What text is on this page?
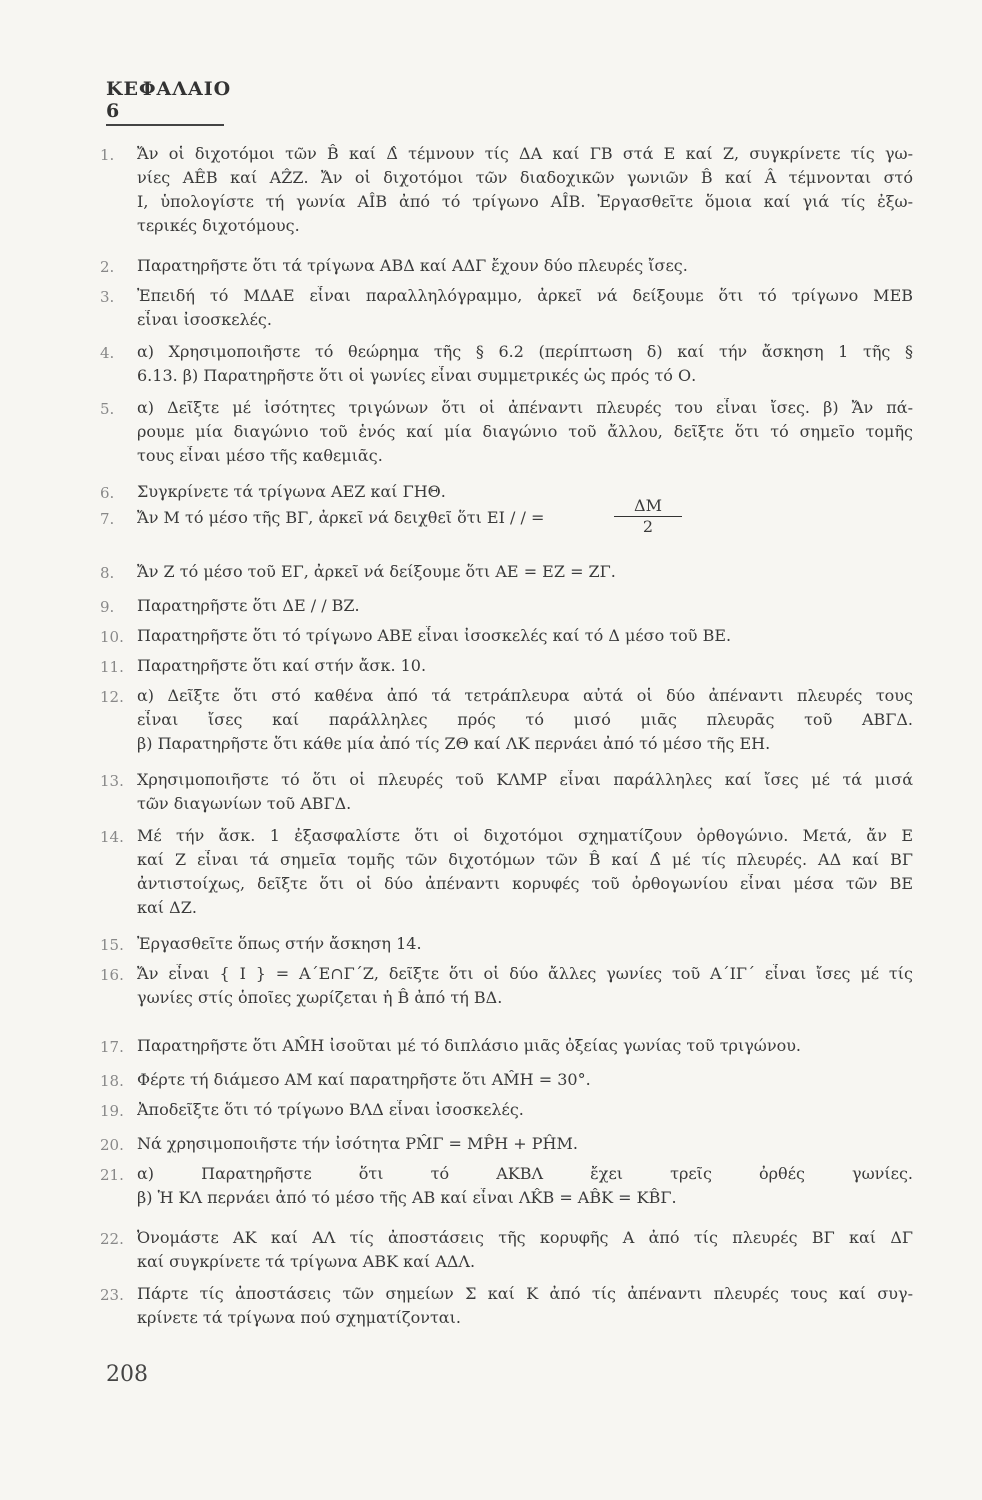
ΚΕΦΑΛΑΙΟ 6
1.	Ἄν οἱ διχοτόμοι τῶν B̂ καί Δ̂ τέμνουν τίς ΔΑ καί ΓΒ στά Ε καί Ζ, συγκρίνετε τίς γω-
νίες ΑÊΒ καί ΑẐΖ. Ἄν οἱ διχοτόμοι τῶν διαδοχικῶν γωνιῶν B̂ καί Â τέμνονται στό
Ι, ὑπολογίστε τή γωνία ΑÎΒ ἀπό τό τρίγωνο ΑÎΒ. Ἐργασθεῖτε ὅμοια καί γιά τίς ἐξω-
τερικές διχοτόμους.
2.	Παρατηρῆστε ὅτι τά τρίγωνα ΑΒΔ καί ΑΔΓ ἔχουν δύο πλευρές ἴσες.
3.	Ἐπειδή τό ΜΔΑΕ εἶναι παραλληλόγραμμο, ἀρκεῖ νά δείξουμε ὅτι τό τρίγωνο ΜΕΒ
εἶναι ἰσοσκελές.
4.	α) Χρησιμοποιῆστε τό θεώρημα τῆς § 6.2 (περίπτωση δ) καί τήν ἄσκηση 1 τῆς §
6.13. β) Παρατηρῆστε ὅτι οἱ γωνίες εἶναι συμμετρικές ὡς πρός τό Ο.
5.	α) Δεῖξτε μέ ἰσότητες τριγώνων ὅτι οἱ ἀπέναντι πλευρές του εἶναι ἴσες. β) Ἄν πά-
ρουμε μία διαγώνιο τοῦ ἑνός καί μία διαγώνιο τοῦ ἄλλου, δεῖξτε ὅτι τό σημεῖο τομῆς
τους εἶναι μέσο τῆς καθεμιᾶς.
6.	Συγκρίνετε τά τρίγωνα ΑΕΖ καί ΓΗΘ.
7.	Ἄν Μ τό μέσο τῆς ΒΓ, ἀρκεῖ νά δειχθεῖ ὅτι ΕΙ / / =
ΔΜ
2
8.	Ἄν Ζ τό μέσο τοῦ ΕΓ, ἀρκεῖ νά δείξουμε ὅτι ΑΕ = ΕΖ = ΖΓ.
9.	Παρατηρῆστε ὅτι ΔΕ / / ΒΖ.
10. Παρατηρῆστε ὅτι τό τρίγωνο ΑΒΕ εἶναι ἰσοσκελές καί τό Δ μέσο τοῦ ΒΕ.
11. Παρατηρῆστε ὅτι καί στήν ἄσκ. 10.
12. α) Δεῖξτε ὅτι στό καθένα ἀπό τά τετράπλευρα αὐτά οἱ δύο ἀπέναντι πλευρές τους
εἶναι ἴσες καί παράλληλες πρός τό μισό μιᾶς πλευρᾶς τοῦ ΑΒΓΔ.
β) Παρατηρῆστε ὅτι κάθε μία ἀπό τίς ΖΘ καί ΛΚ περνάει ἀπό τό μέσο τῆς ΕΗ.
13. Χρησιμοποιῆστε τό ὅτι οἱ πλευρές τοῦ ΚΛΜΡ εἶναι παράλληλες καί ἴσες μέ τά μισά
τῶν διαγωνίων τοῦ ΑΒΓΔ.
14. Μέ τήν ἄσκ. 1 ἐξασφαλίστε ὅτι οἱ διχοτόμοι σχηματίζουν ὀρθογώνιο. Μετά, ἄν Ε
καί Ζ εἶναι τά σημεῖα τομῆς τῶν διχοτόμων τῶν B̂ καί Δ̂ μέ τίς πλευρές. ΑΔ καί ΒΓ
ἀντιστοίχως, δεῖξτε ὅτι οἱ δύο ἀπέναντι κορυφές τοῦ ὀρθογωνίου εἶναι μέσα τῶν ΒΕ
καί ΔΖ.
15. Ἐργασθεῖτε ὅπως στήν ἄσκηση 14.
16. Ἄν εἶναι { Ι } = Α΄Ε∩Γ΄Ζ, δεῖξτε ὅτι οἱ δύο ἄλλες γωνίες τοῦ Α΄ΙΓ΄ εἶναι ἴσες μέ τίς
γωνίες στίς ὁποῖες χωρίζεται ἡ B̂ ἀπό τή ΒΔ.
17. Παρατηρῆστε ὅτι ΑM̂Η ἰσοῦται μέ τό διπλάσιο μιᾶς ὀξείας γωνίας τοῦ τριγώνου.
18. Φέρτε τή διάμεσο ΑΜ καί παρατηρῆστε ὅτι ΑM̂Η = 30°.
19. Ἀποδεῖξτε ὅτι τό τρίγωνο ΒΛΔ εἶναι ἰσοσκελές.
20. Νά χρησιμοποιῆστε τήν ἰσότητα ΡM̂Γ = ΜP̂Η + ΡĤΜ.
21. α) Παρατηρῆστε ὅτι τό ΑΚΒΛ ἔχει τρεῖς ὀρθές γωνίες.
β) Ἡ ΚΛ περνάει ἀπό τό μέσο τῆς ΑΒ καί εἶναι ΛK̂Β = ΑB̂Κ = ΚB̂Γ.
22. Ὀνομάστε ΑΚ καί ΑΛ τίς ἀποστάσεις τῆς κορυφῆς Α ἀπό τίς πλευρές ΒΓ καί ΔΓ
καί συγκρίνετε τά τρίγωνα ΑΒΚ καί ΑΔΛ.
23. Πάρτε τίς ἀποστάσεις τῶν σημείων Σ καί Κ ἀπό τίς ἀπέναντι πλευρές τους καί συγ-
κρίνετε τά τρίγωνα πού σχηματίζονται.
208
